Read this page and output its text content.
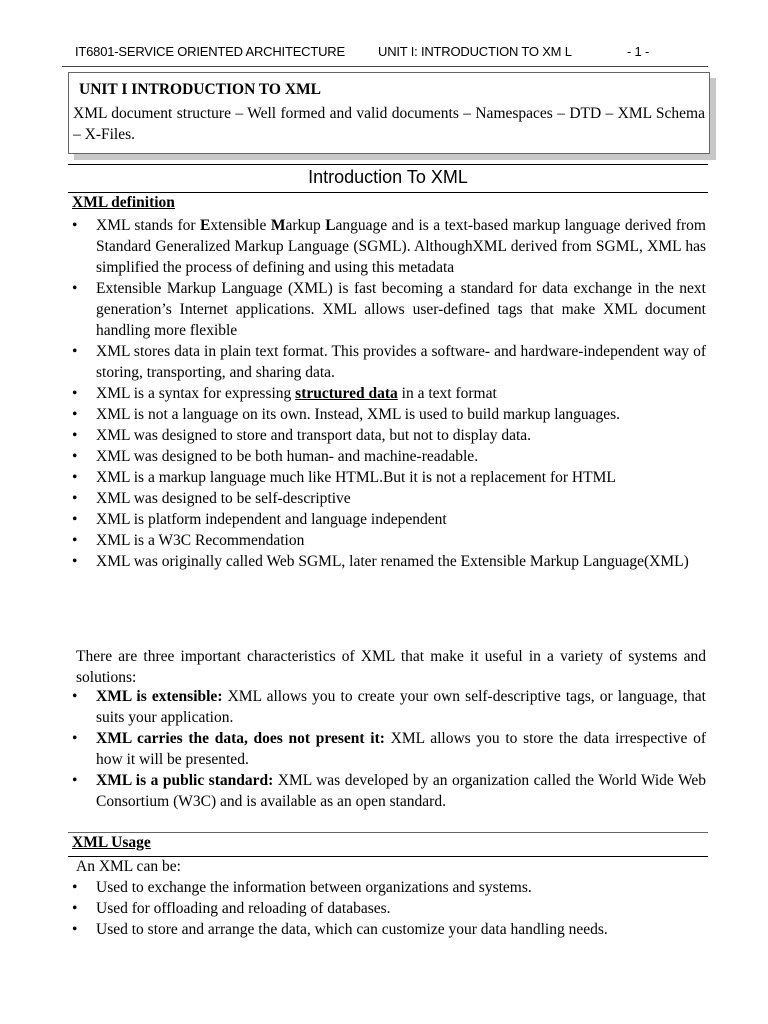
IT6801-SERVICE ORIENTED ARCHITECTURE	UNIT I: INTRODUCTION TO XM L	- 1 -
UNIT I INTRODUCTION TO XML
XML document structure – Well formed and valid documents – Namespaces – DTD – XML Schema – X-Files.
Introduction To XML
XML definition
•	XML stands for Extensible Markup Language and is a text-based markup language derived from Standard Generalized Markup Language (SGML). AlthoughXML derived from SGML, XML has simplified the process of defining and using this metadata
•	Extensible Markup Language (XML) is fast becoming a standard for data exchange in the next generation’s Internet applications. XML allows user-defined tags that make XML document handling more flexible
•	XML stores data in plain text format. This provides a software- and hardware-independent way of storing, transporting, and sharing data.
•	XML is a syntax for expressing structured data in a text format
•	XML is not a language on its own. Instead, XML is used to build markup languages.
•	XML was designed to store and transport data, but not to display data.
•	XML was designed to be both human- and machine-readable.
•	XML is a markup language much like HTML.But it is not a replacement for HTML
•	XML was designed to be self-descriptive
•	XML is platform independent and language independent
•	XML is a W3C Recommendation
•	XML was originally called Web SGML, later renamed the Extensible Markup Language(XML)
There are three important characteristics of XML that make it useful in a variety of systems and solutions:
•	XML is extensible: XML allows you to create your own self-descriptive tags, or language, that suits your application.
•	XML carries the data, does not present it: XML allows you to store the data irrespective of how it will be presented.
•	XML is a public standard: XML was developed by an organization called the World Wide Web Consortium (W3C) and is available as an open standard.
XML Usage
An XML can be:
•	Used to exchange the information between organizations and systems.
•	Used for offloading and reloading of databases.
•	Used to store and arrange the data, which can customize your data handling needs.
